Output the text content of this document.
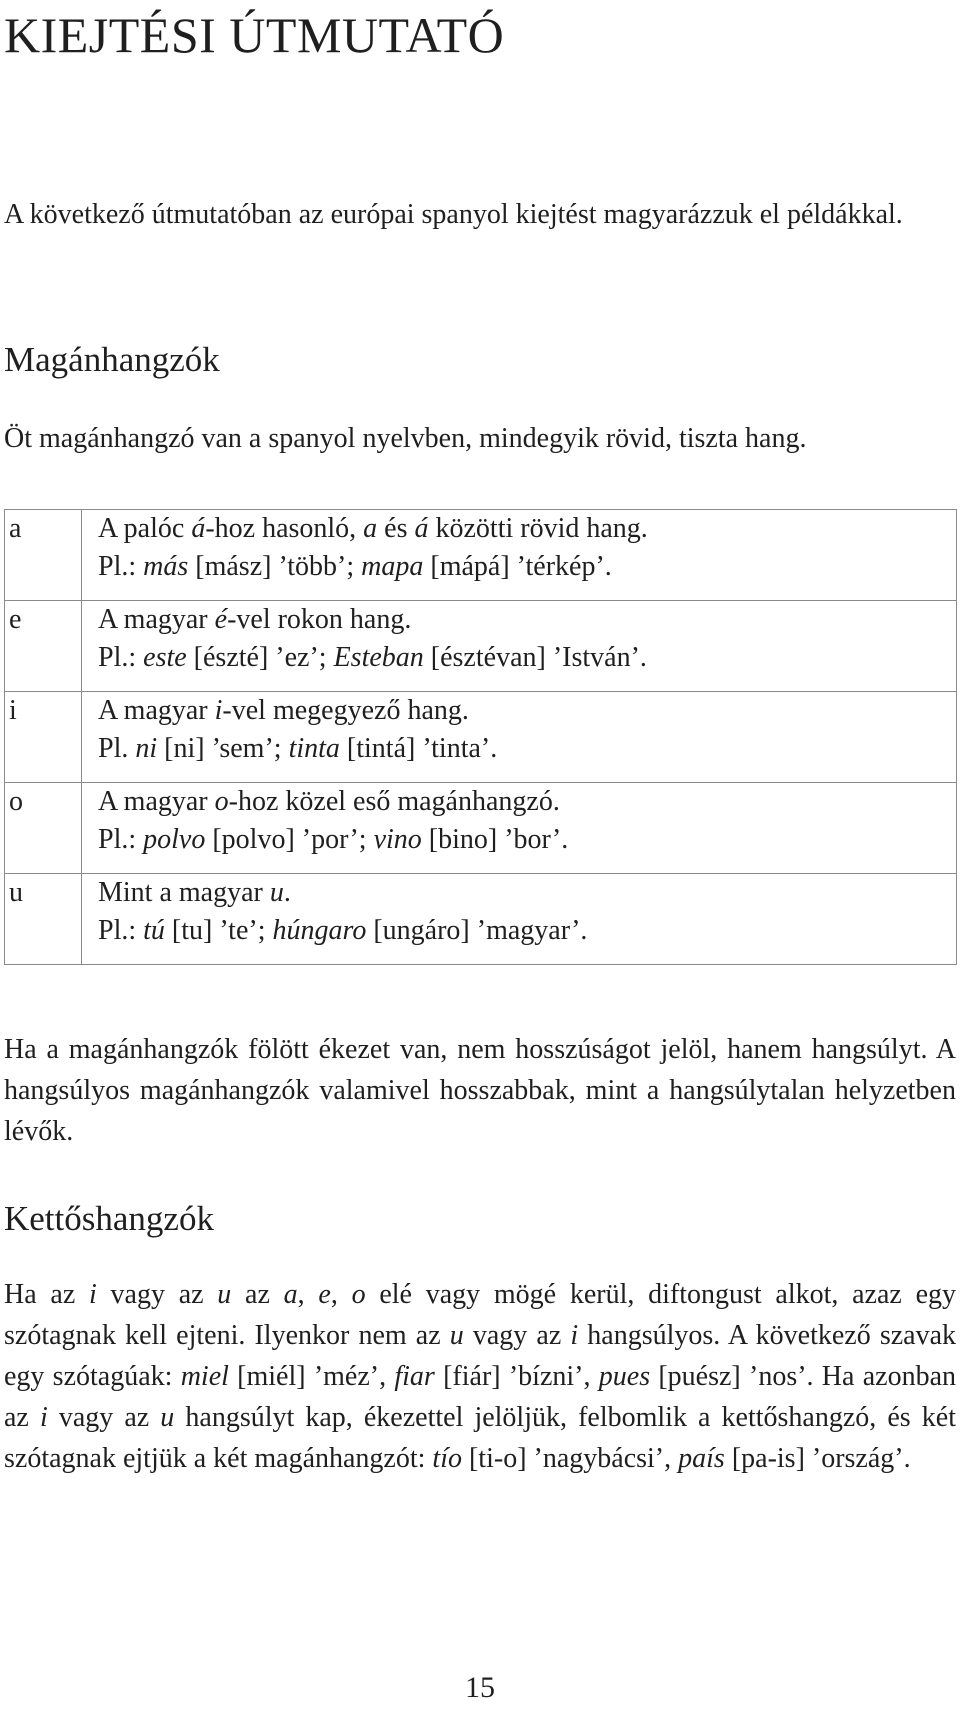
KIEJTÉSI ÚTMUTATÓ

A következő útmutatóban az európai spanyol kiejtést magyarázzuk el példákkal.

Magánhangzók

Öt magánhangzó van a spanyol nyelvben, mindegyik rövid, tiszta hang.

a	A palóc á-hoz hasonló, a és á közötti rövid hang.
Pl.: más [mász] ’több’; mapa [mápá] ’térkép’.

e	A magyar é-vel rokon hang.
Pl.: este [észté] ’ez’; Esteban [észtévan] ’István’.

i	A magyar i-vel megegyező hang.
Pl. ni [ni] ’sem’; tinta [tintá] ’tinta’.

o	A magyar o-hoz közel eső magánhangzó.
Pl.: polvo [polvo] ’por’; vino [bino] ’bor’.

u	Mint a magyar u.
Pl.: tú [tu] ’te’; húngaro [ungáro] ’magyar’.

Ha a magánhangzók fölött ékezet van, nem hosszúságot jelöl, hanem hangsúlyt. A hangsúlyos magánhangzók valamivel hosszabbak, mint a hangsúlytalan helyzetben lévők.

Kettőshangzók

Ha az i vagy az u az a, e, o elé vagy mögé kerül, diftongust alkot, azaz egy szótagnak kell ejteni. Ilyenkor nem az u vagy az i hangsúlyos. A következő szavak egy szótagúak: miel [miél] ’méz’, fiar [fiár] ’bízni’, pues [puész] ’nos’. Ha azonban az i vagy az u hangsúlyt kap, ékezettel jelöljük, felbomlik a kettőshangzó, és két szótagnak ejtjük a két magánhangzót: tío [ti-o] ’nagybácsi’, país [pa-is] ’ország’.

15
